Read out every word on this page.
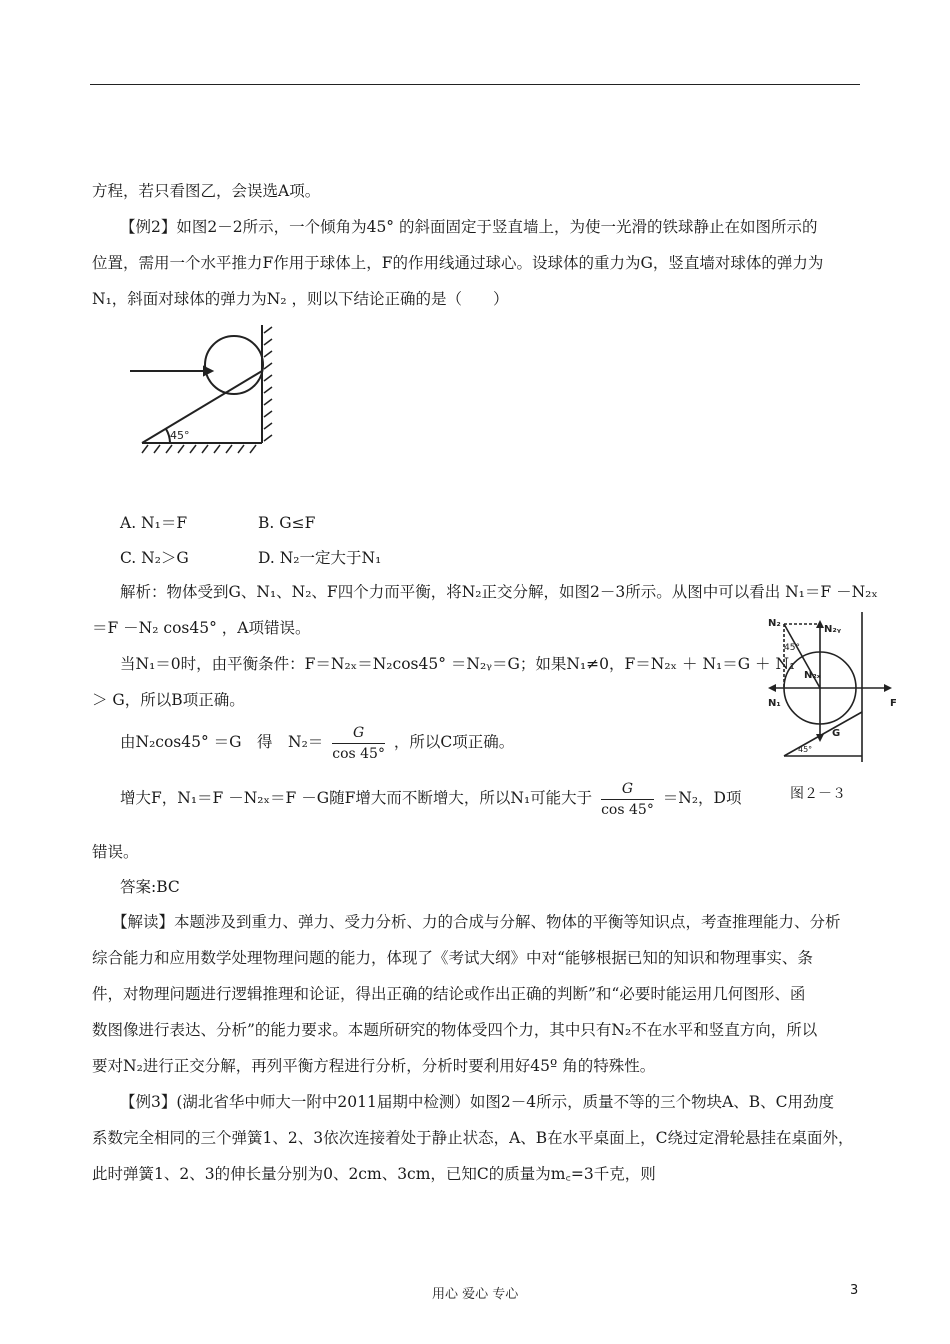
方程，若只看图乙，会误选A项。
【例2】如图2－2所示，一个倾角为45° 的斜面固定于竖直墙上，为使一光滑的铁球静止在如图所示的
位置，需用一个水平推力F作用于球体上，F的作用线通过球心。设球体的重力为G，竖直墙对球体的弹力为
N₁，斜面对球体的弹力为N₂ ，则以下结论正确的是（　　）
45°
A. N₁＝F	B. G≤F
C. N₂＞G	D. N₂一定大于N₁
解析：物体受到G、N₁、N₂、F四个力而平衡，将N₂正交分解，如图2－3所示。从图中可以看出 N₁＝F －N₂ₓ
＝F －N₂ cos45° ，A项错误。
当N₁＝0时，由平衡条件：F＝N₂ₓ＝N₂cos45° ＝N₂ᵧ＝G；如果N₁≠0，F＝N₂ₓ ＋ N₁＝G ＋ N₁
＞ G，所以B项正确。
由N₂cos45° ＝G　得　$N_2= \frac{G}{\cos 45^\circ}$ ，所以C项正确。
增大F，N₁＝F －N₂ₓ＝F －G随F增大而不断增大，所以N₁可能大于 $\frac{G}{\cos 45^\circ} =N_2$，D项
N₂
N₂ᵧ
45°
N₂ₓ
N₁	F
G
45°
图２－３
错误。
答案:BC
【解读】本题涉及到重力、弹力、受力分析、力的合成与分解、物体的平衡等知识点，考查推理能力、分析
综合能力和应用数学处理物理问题的能力，体现了《考试大纲》中对“能够根据已知的知识和物理事实、条
件，对物理问题进行逻辑推理和论证，得出正确的结论或作出正确的判断”和“必要时能运用几何图形、函
数图像进行表达、分析”的能力要求。本题所研究的物体受四个力，其中只有N₂不在水平和竖直方向，所以
要对N₂进行正交分解，再列平衡方程进行分析，分析时要利用好45º 角的特殊性。
【例3】(湖北省华中师大一附中2011届期中检测）如图2－4所示，质量不等的三个物块A、B、C用劲度
系数完全相同的三个弹簧1、2、3依次连接着处于静止状态，A、B在水平桌面上，C绕过定滑轮悬挂在桌面外，
此时弹簧1、2、3的伸长量分别为0、2cm、3cm，已知C的质量为m꜀=3千克，则
用心 爱心 专心	3
